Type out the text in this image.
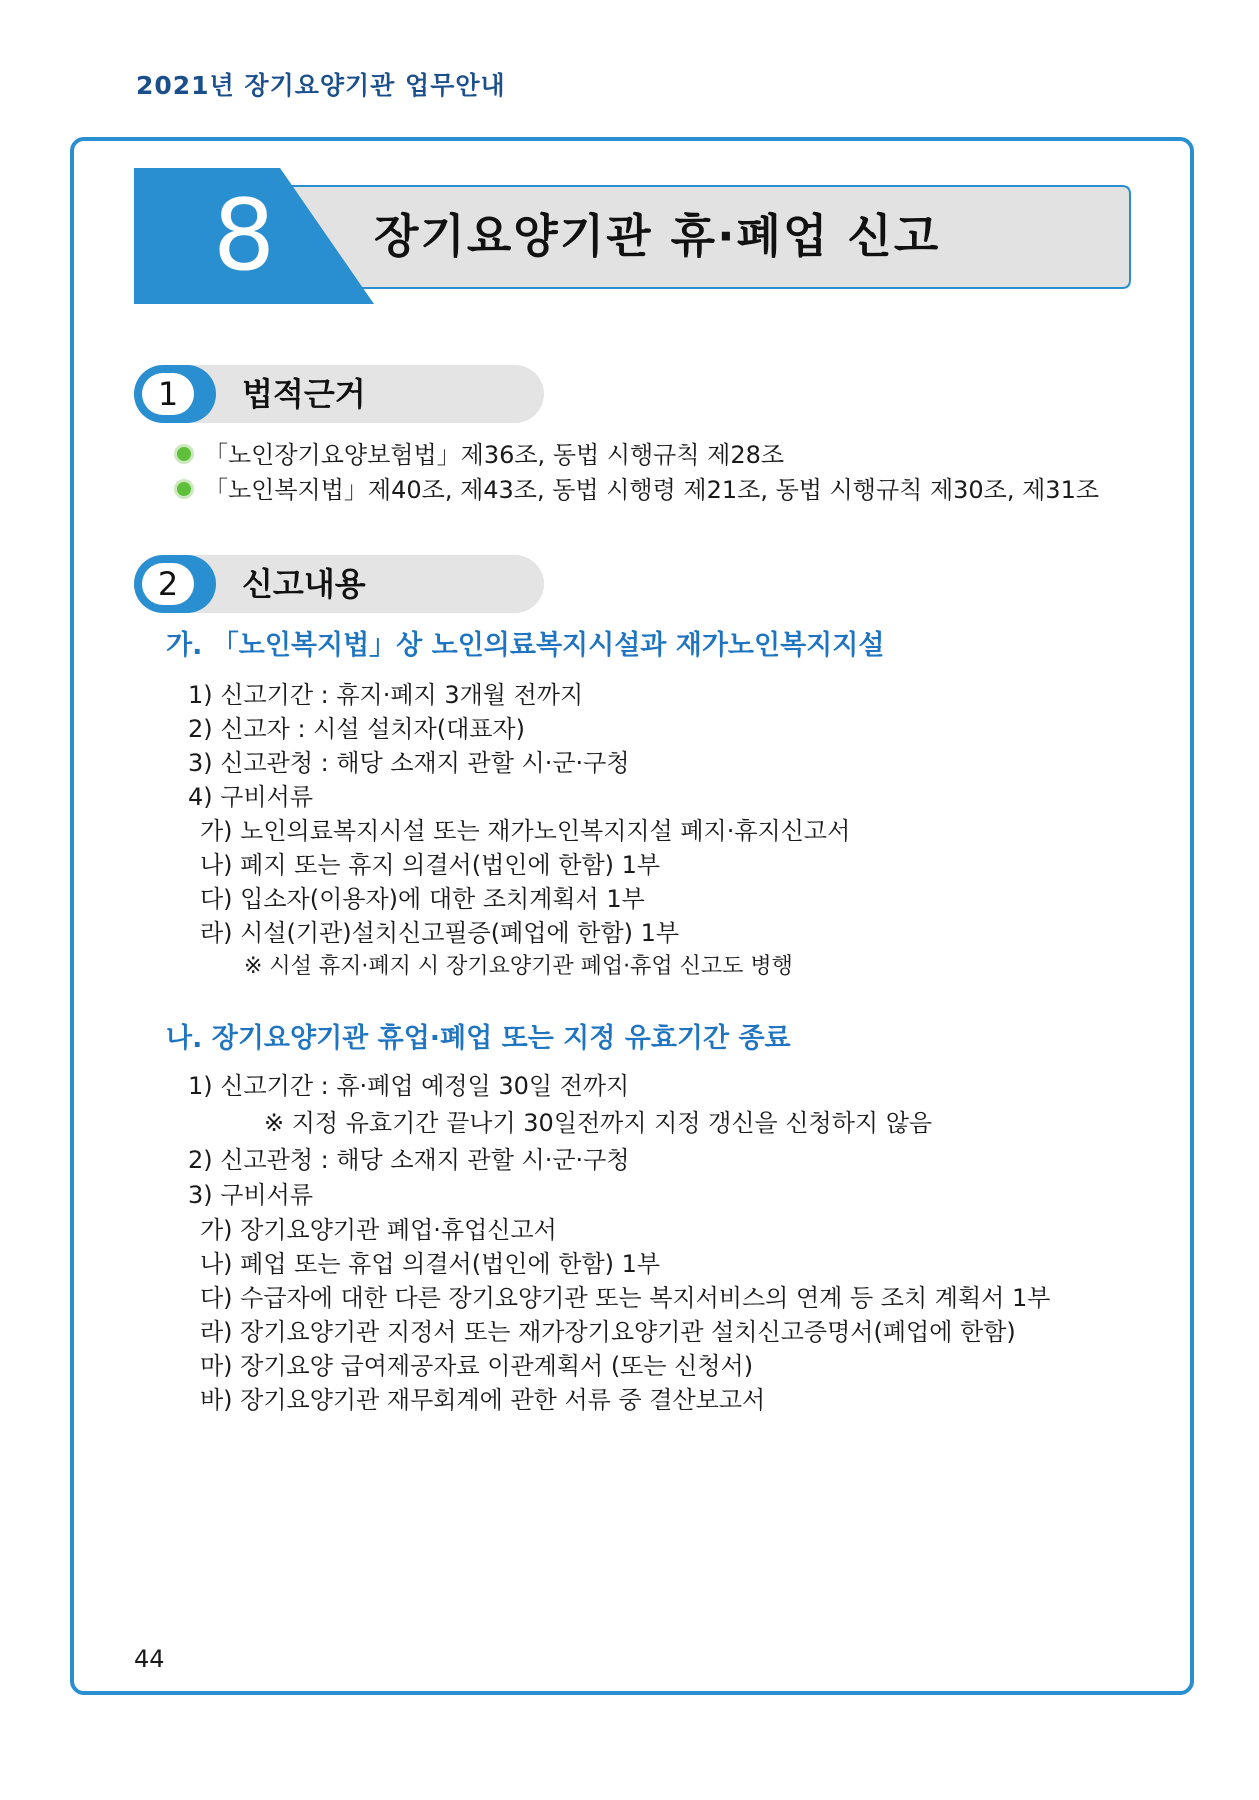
2021년 장기요양기관 업무안내
8	장기요양기관 휴·폐업 신고
1	법적근거
「노인장기요양보험법」제36조, 동법 시행규칙 제28조
「노인복지법」제40조, 제43조, 동법 시행령 제21조, 동법 시행규칙 제30조, 제31조
2	신고내용
가. 「노인복지법」상 노인의료복지시설과 재가노인복지지설
1) 신고기간 : 휴지·폐지 3개월 전까지
2) 신고자 : 시설 설치자(대표자)
3) 신고관청 : 해당 소재지 관할 시·군·구청
4) 구비서류
가) 노인의료복지시설 또는 재가노인복지지설 폐지·휴지신고서
나) 폐지 또는 휴지 의결서(법인에 한함) 1부
다) 입소자(이용자)에 대한 조치계획서 1부
라) 시설(기관)설치신고필증(폐업에 한함) 1부
※ 시설 휴지·폐지 시 장기요양기관 폐업·휴업 신고도 병행
나. 장기요양기관 휴업·폐업 또는 지정 유효기간 종료
1) 신고기간 : 휴·폐업 예정일 30일 전까지
※ 지정 유효기간 끝나기 30일전까지 지정 갱신을 신청하지 않음
2) 신고관청 : 해당 소재지 관할 시·군·구청
3) 구비서류
가) 장기요양기관 폐업·휴업신고서
나) 폐업 또는 휴업 의결서(법인에 한함) 1부
다) 수급자에 대한 다른 장기요양기관 또는 복지서비스의 연계 등 조치 계획서 1부
라) 장기요양기관 지정서 또는 재가장기요양기관 설치신고증명서(폐업에 한함)
마) 장기요양 급여제공자료 이관계획서 (또는 신청서)
바) 장기요양기관 재무회계에 관한 서류 중 결산보고서
44
